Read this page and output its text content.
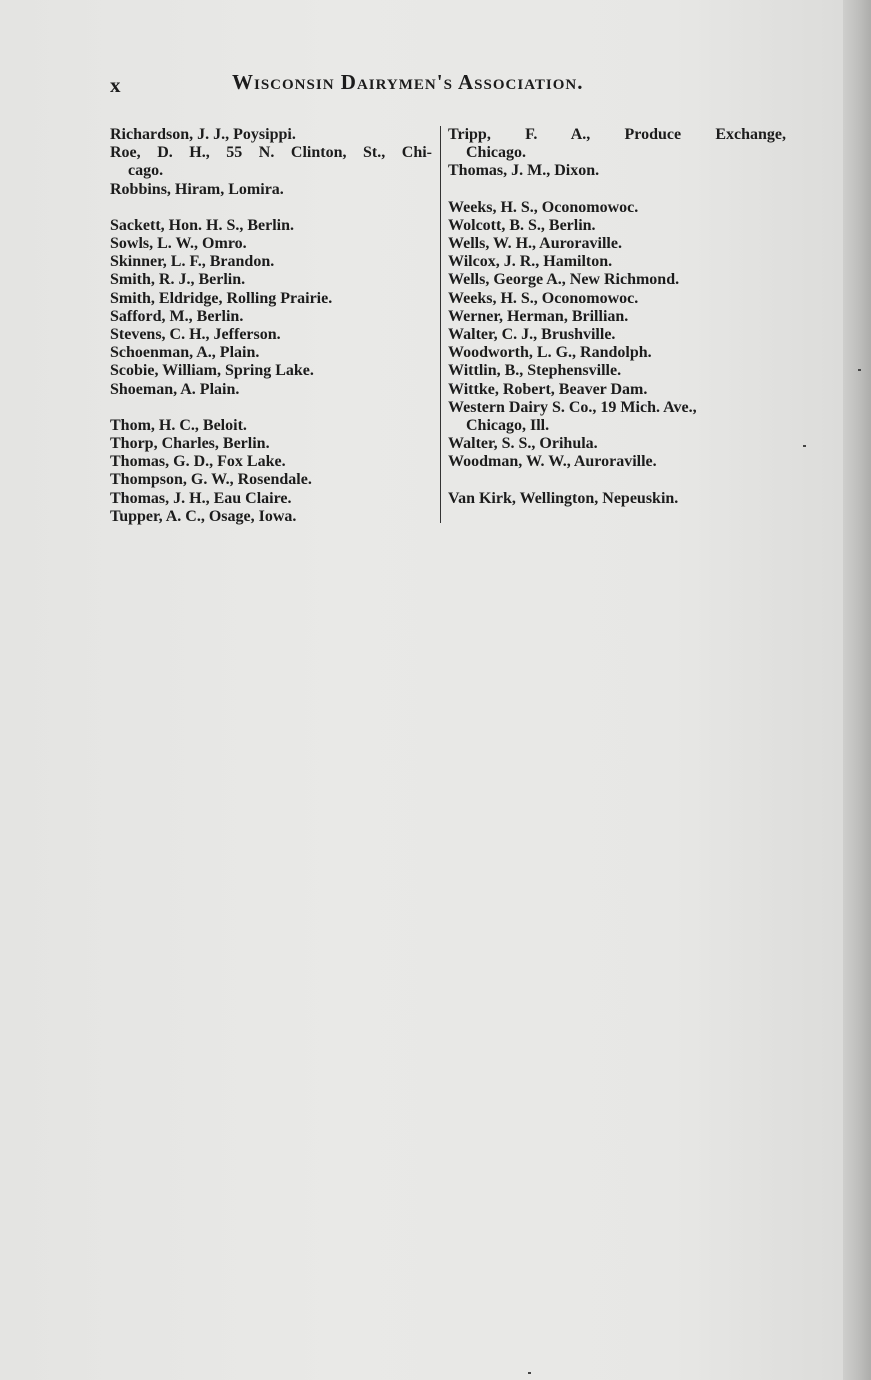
x	Wisconsin Dairymen's Association.

Richardson, J. J., Poysippi.

Roe, D. H., 55 N. Clinton, St., Chi-

cago.

Robbins, Hiram, Lomira.

Sackett, Hon. H. S., Berlin.

Sowls, L. W., Omro.

Skinner, L. F., Brandon.

Smith, R. J., Berlin.

Smith, Eldridge, Rolling Prairie.

Safford, M., Berlin.

Stevens, C. H., Jefferson.

Schoenman, A., Plain.

Scobie, William, Spring Lake.

Shoeman, A. Plain.

Thom, H. C., Beloit.

Thorp, Charles, Berlin.

Thomas, G. D., Fox Lake.

Thompson, G. W., Rosendale.

Thomas, J. H., Eau Claire.

Tupper, A. C., Osage, Iowa.

Tripp, F. A., Produce Exchange,

Chicago.

Thomas, J. M., Dixon.

Weeks, H. S., Oconomowoc.

Wolcott, B. S., Berlin.

Wells, W. H., Auroraville.

Wilcox, J. R., Hamilton.

Wells, George A., New Richmond.

Weeks, H. S., Oconomowoc.

Werner, Herman, Brillian.

Walter, C. J., Brushville.

Woodworth, L. G., Randolph.

Wittlin, B., Stephensville.

Wittke, Robert, Beaver Dam.

Western Dairy S. Co., 19 Mich. Ave.,

Chicago, Ill.

Walter, S. S., Orihula.

Woodman, W. W., Auroraville.

Van Kirk, Wellington, Nepeuskin.
